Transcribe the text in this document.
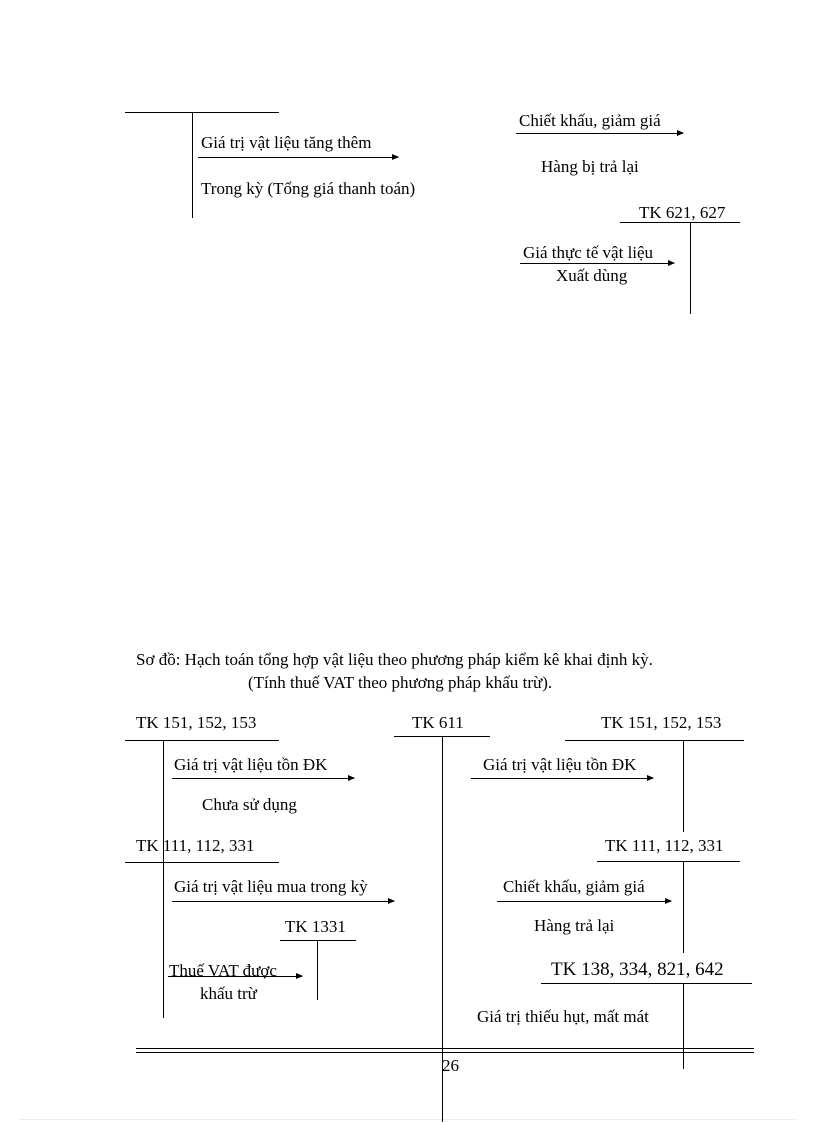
Giá trị vật liệu tăng thêm
Trong kỳ (Tổng giá thanh toán)
Chiết khấu, giảm giá
Hàng bị trả lại
TK 621, 627
Giá thực tế vật liệu
Xuất dùng
Sơ đồ: Hạch toán tổng hợp vật liệu theo phương pháp kiểm kê khai định kỳ.
(Tính thuế VAT theo phương pháp khấu trừ).
TK 151, 152, 153
Giá trị vật liệu tồn ĐK
Chưa sử dụng
TK 111, 112, 331
Giá trị vật liệu mua trong kỳ
TK 1331
Thuế VAT được
khấu trừ
TK 611	TK 151, 152, 153
Giá trị vật liệu tồn ĐK
TK 111, 112, 331
Chiết khấu, giảm giá
Hàng trả lại
TK 138, 334, 821, 642
Giá trị thiếu hụt, mất mát
26
